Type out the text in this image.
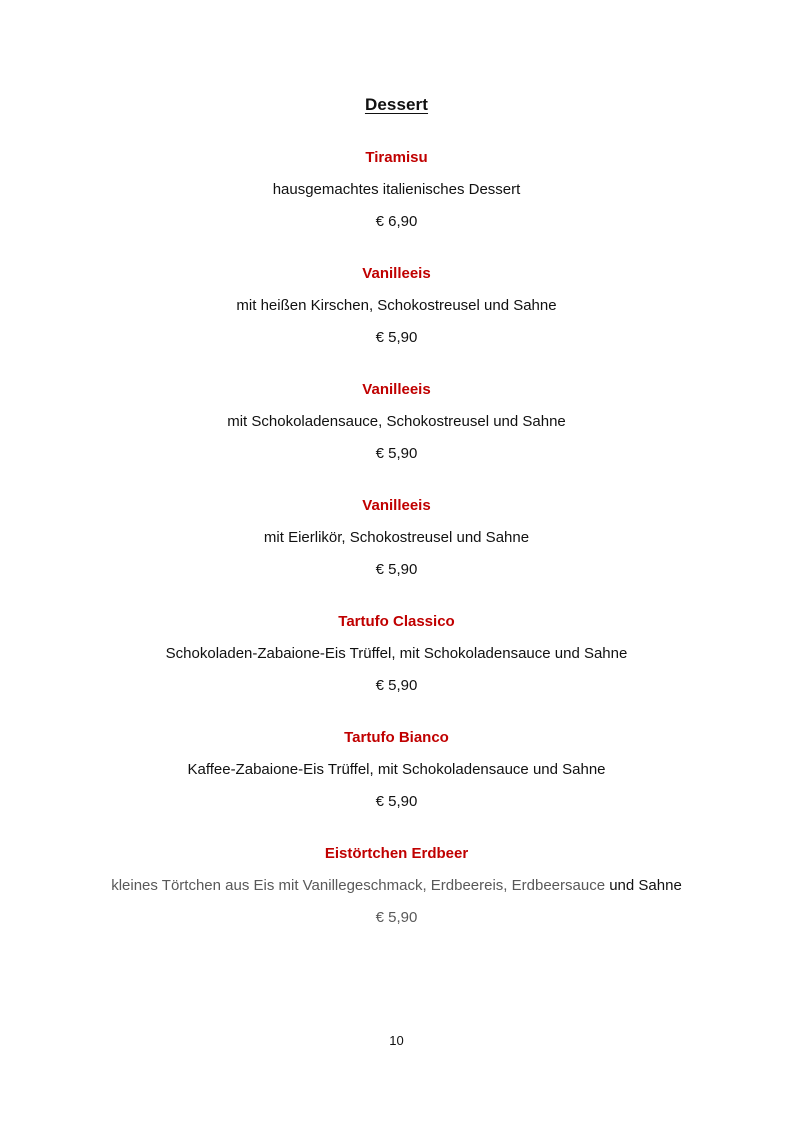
Dessert
Tiramisu
hausgemachtes italienisches Dessert
€ 6,90
Vanilleeis
mit heißen Kirschen, Schokostreusel und Sahne
€ 5,90
Vanilleeis
mit Schokoladensauce, Schokostreusel und Sahne
€ 5,90
Vanilleeis
mit Eierlikör, Schokostreusel und Sahne
€ 5,90
Tartufo Classico
Schokoladen-Zabaione-Eis Trüffel, mit Schokoladensauce und Sahne
€ 5,90
Tartufo Bianco
Kaffee-Zabaione-Eis Trüffel, mit Schokoladensauce und Sahne
€ 5,90
Eistörtchen Erdbeer
kleines Törtchen aus Eis mit Vanillegeschmack, Erdbeereis, Erdbeersauce und Sahne
€ 5,90
10
